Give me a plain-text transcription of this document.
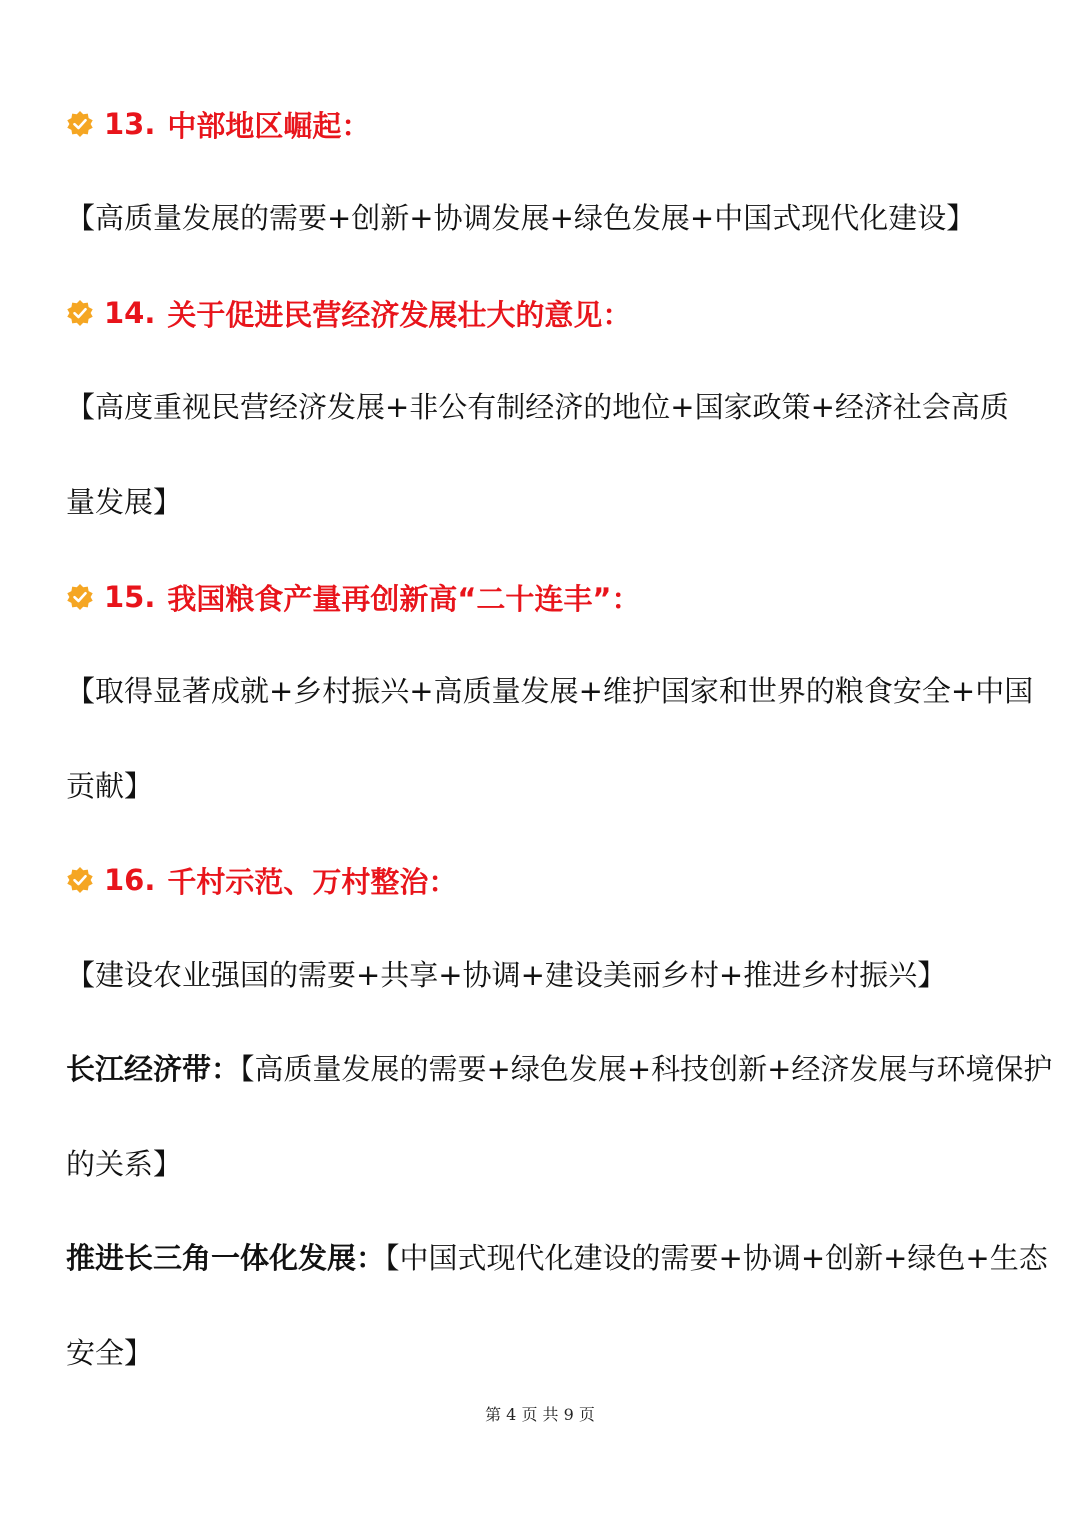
13. 中部地区崛起：
【高质量发展的需要+创新+协调发展+绿色发展+中国式现代化建设】
14. 关于促进民营经济发展壮大的意见：
【高度重视民营经济发展+非公有制经济的地位+国家政策+经济社会高质
量发展】
15. 我国粮食产量再创新高“二十连丰”：
【取得显著成就+乡村振兴+高质量发展+维护国家和世界的粮食安全+中国
贡献】
16. 千村示范、万村整治：
【建设农业强国的需要+共享+协调+建设美丽乡村+推进乡村振兴】
长江经济带：【高质量发展的需要+绿色发展+科技创新+经济发展与环境保护
的关系】
推进长三角一体化发展：【中国式现代化建设的需要+协调+创新+绿色+生态
安全】
第 4 页 共 9 页
